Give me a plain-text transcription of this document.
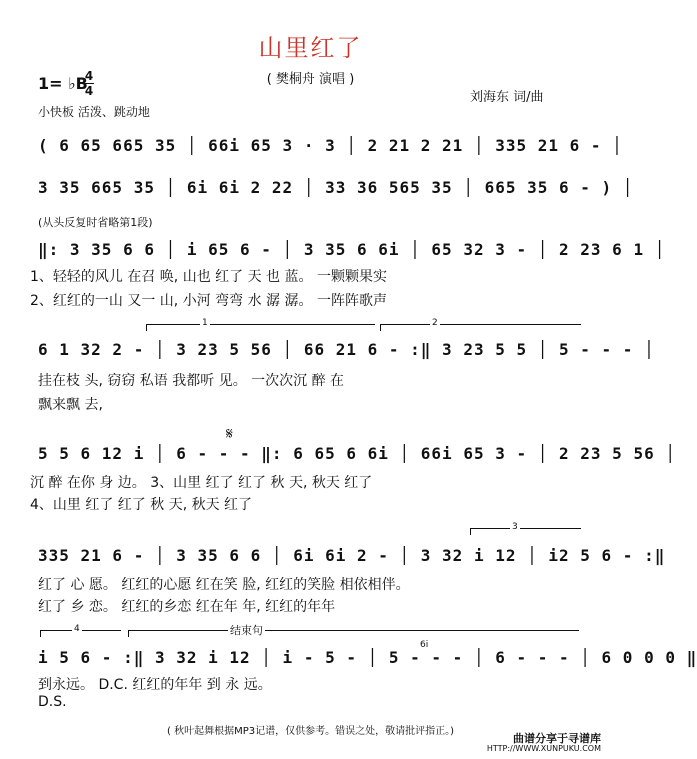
山里红了
( 樊桐舟 演唱 )
刘海东 词/曲
1= ♭B
4
4
小快板 活泼、跳动地
( 6 65 665 35 │ 66i 65 3 · 3 │ 2 21 2 21 │ 335 21 6 - │
3 35 665 35 │ 6i 6i 2 22 │ 33 36 565 35 │ 665 35 6 - ) │
(从头反复时省略第1段)
‖: 3 35 6 6 │ i 65 6 - │ 3 35 6 6i │ 65 32 3 - │ 2 23 6 1 │
1、轻轻的风儿 在召 唤, 山也 红了 天 也 蓝。 一颗颗果实
2、红红的一山 又一 山, 小河 弯弯 水 潺 潺。 一阵阵歌声
1	2
6 1 32 2 - │ 3 23 5 56 │ 66 21 6 - :‖ 3 23 5 5 │ 5 - - - │
挂在枝 头, 窃窃 私语 我都听 见。 一次次沉 醉 在
飘来飘 去,
𝄋
5 5 6 12 i │ 6 - - - ‖: 6 65 6 6i │ 66i 65 3 - │ 2 23 5 56 │
沉 醉 在你 身 边。 3、山里 红了 红了 秋 天, 秋天 红了
4、山里 红了 红了 秋 天, 秋天 红了
3
335 21 6 - │ 3 35 6 6 │ 6i 6i 2 - │ 3 32 i 12 │ i2 5 6 - :‖
红了 心 愿。 红红的心愿 红在笑 脸, 红红的笑脸 相依相伴。
红了 乡 恋。 红红的乡恋 红在年 年, 红红的年年
4	结束句
6i
i 5 6 - :‖ 3 32 i 12 │ i - 5 - │ 5 - - - │ 6 - - - │ 6 0 0 0 ‖
到永远。 D.C. 红红的年年 到 永 远。
D.S.
( 秋叶起舞根据MP3记谱，仅供参考。错误之处，敬请批评指正。)
曲谱分享于寻谱库
HTTP://WWW.XUNPUKU.COM
